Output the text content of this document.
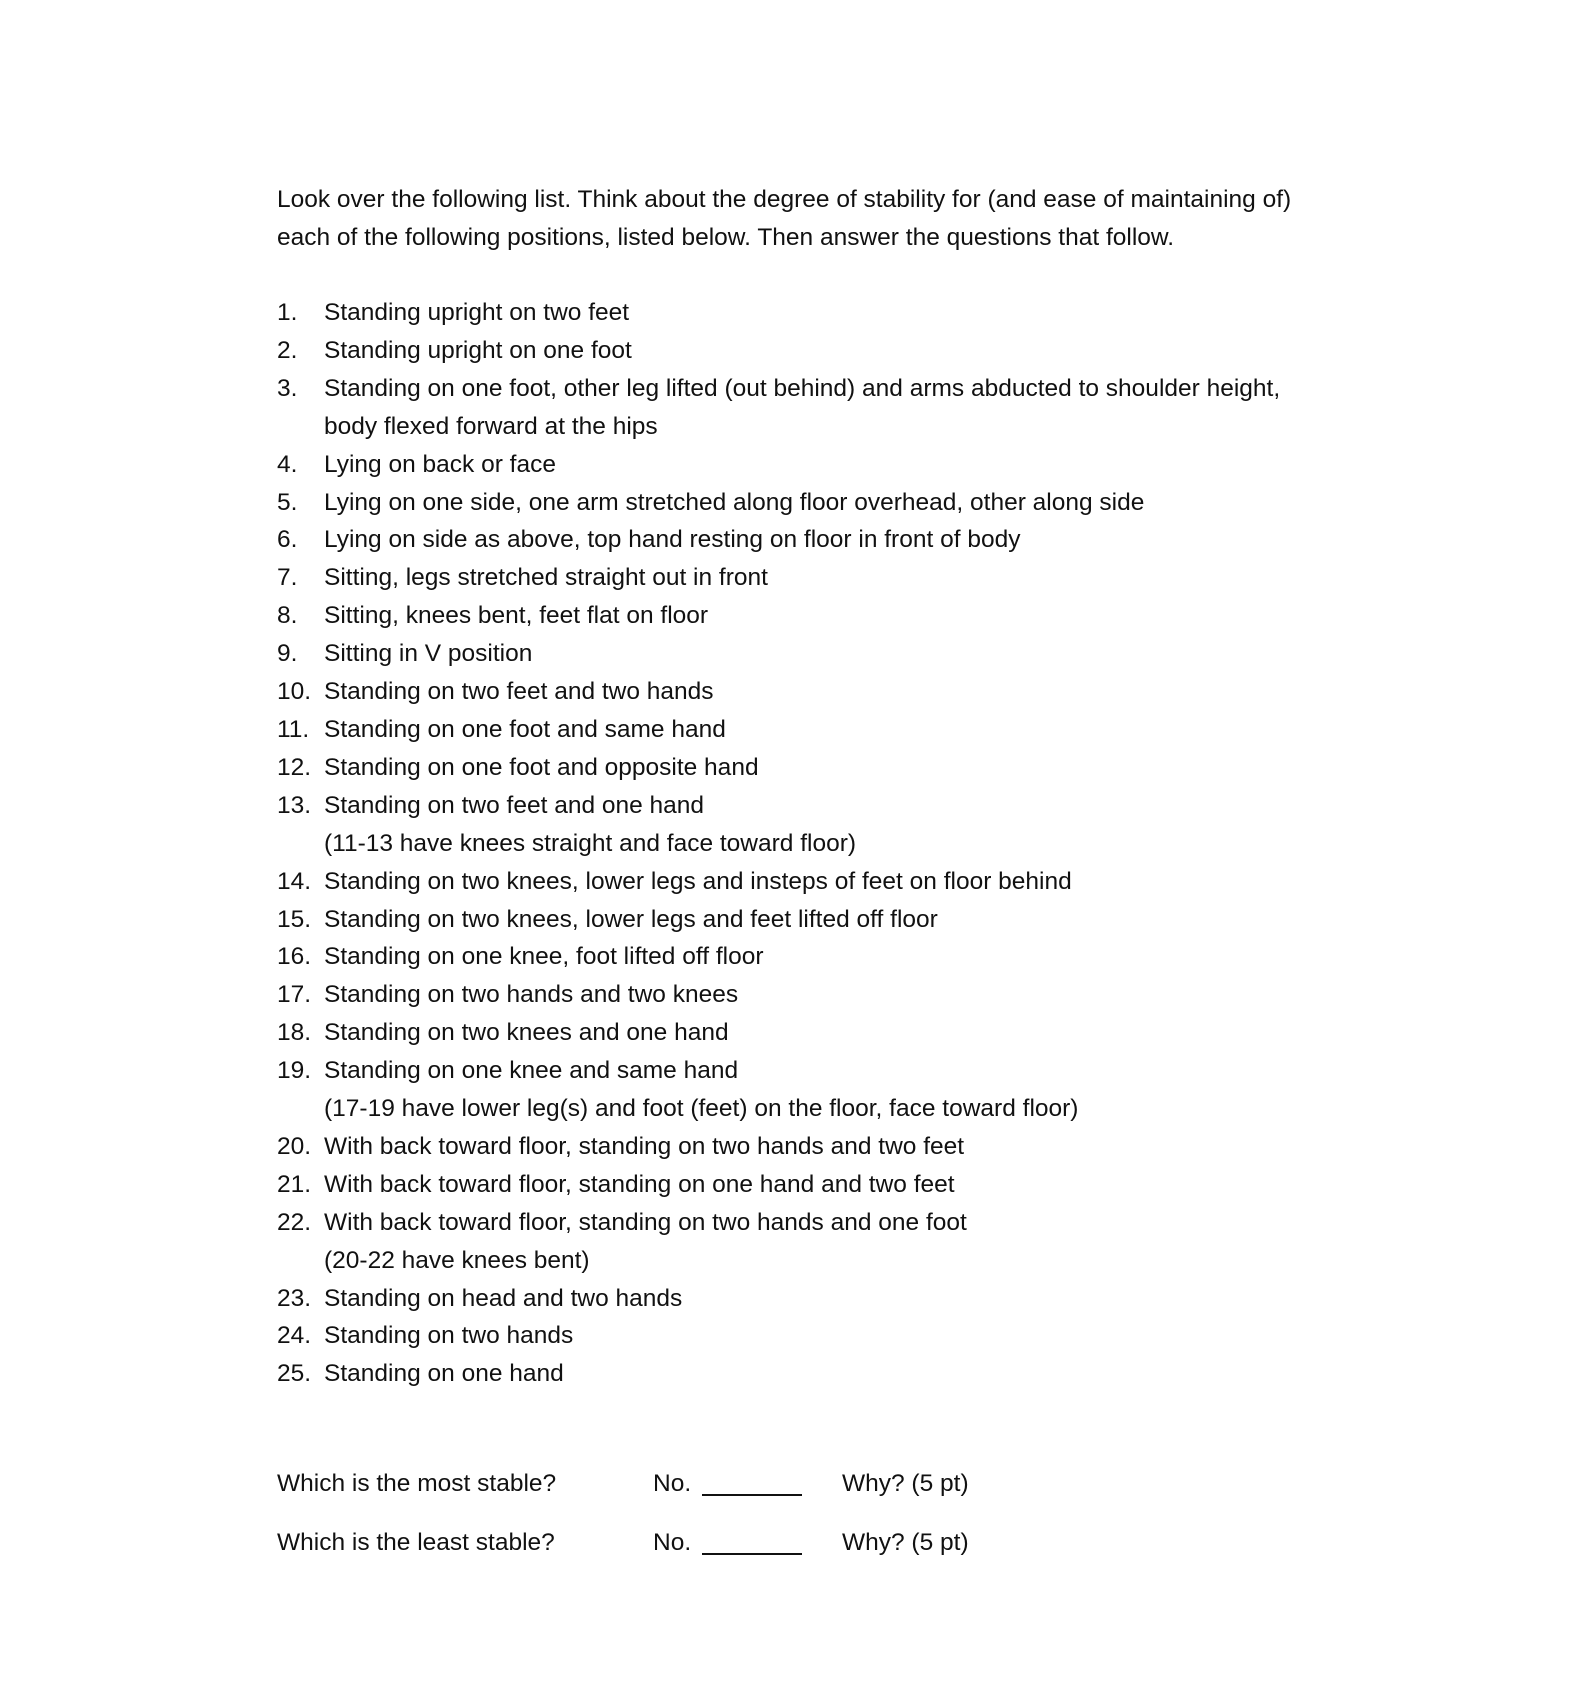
Look over the following list. Think about the degree of stability for (and ease of maintaining of)
each of the following positions, listed below. Then answer the questions that follow.

1. Standing upright on two feet
2. Standing upright on one foot
3. Standing on one foot, other leg lifted (out behind) and arms abducted to shoulder height,
body flexed forward at the hips
4. Lying on back or face
5. Lying on one side, one arm stretched along floor overhead, other along side
6. Lying on side as above, top hand resting on floor in front of body
7. Sitting, legs stretched straight out in front
8. Sitting, knees bent, feet flat on floor
9. Sitting in V position
10. Standing on two feet and two hands
11. Standing on one foot and same hand
12. Standing on one foot and opposite hand
13. Standing on two feet and one hand
(11-13 have knees straight and face toward floor)
14. Standing on two knees, lower legs and insteps of feet on floor behind
15. Standing on two knees, lower legs and feet lifted off floor
16. Standing on one knee, foot lifted off floor
17. Standing on two hands and two knees
18. Standing on two knees and one hand
19. Standing on one knee and same hand
(17-19 have lower leg(s) and foot (feet) on the floor, face toward floor)
20. With back toward floor, standing on two hands and two feet
21. With back toward floor, standing on one hand and two feet
22. With back toward floor, standing on two hands and one foot
(20-22 have knees bent)
23. Standing on head and two hands
24. Standing on two hands
25. Standing on one hand
Which is the most stable?	No.	Why? (5 pt)
Which is the least stable?	No.	Why? (5 pt)
